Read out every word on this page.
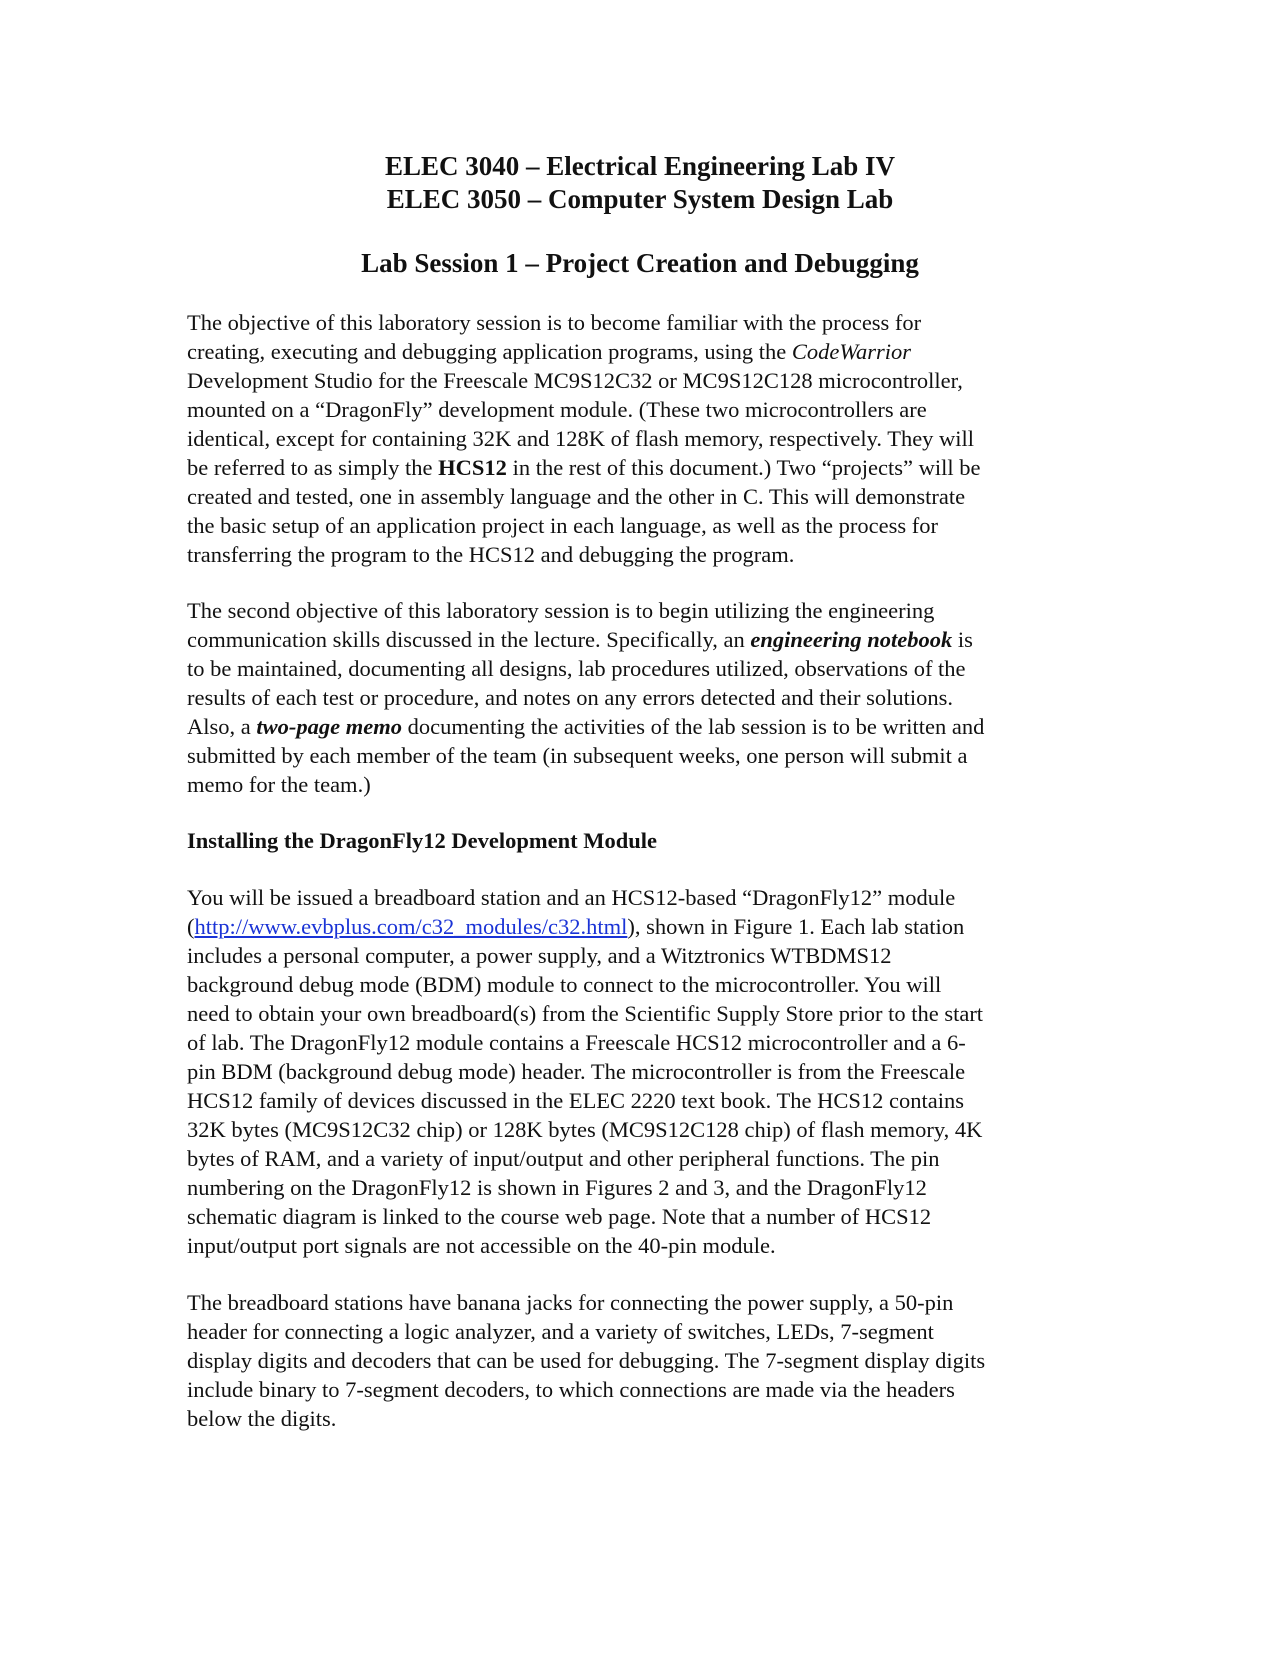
ELEC 3040 – Electrical Engineering Lab IV
ELEC 3050 – Computer System Design Lab
Lab Session 1 – Project Creation and Debugging
The objective of this laboratory session is to become familiar with the process for
creating, executing and debugging application programs, using the CodeWarrior
Development Studio for the Freescale MC9S12C32 or MC9S12C128 microcontroller,
mounted on a “DragonFly” development module. (These two microcontrollers are
identical, except for containing 32K and 128K of flash memory, respectively. They will
be referred to as simply the HCS12 in the rest of this document.) Two “projects” will be
created and tested, one in assembly language and the other in C. This will demonstrate
the basic setup of an application project in each language, as well as the process for
transferring the program to the HCS12 and debugging the program.
The second objective of this laboratory session is to begin utilizing the engineering
communication skills discussed in the lecture. Specifically, an engineering notebook is
to be maintained, documenting all designs, lab procedures utilized, observations of the
results of each test or procedure, and notes on any errors detected and their solutions.
Also, a two-page memo documenting the activities of the lab session is to be written and
submitted by each member of the team (in subsequent weeks, one person will submit a
memo for the team.)
Installing the DragonFly12 Development Module
You will be issued a breadboard station and an HCS12-based “DragonFly12” module
(http://www.evbplus.com/c32_modules/c32.html), shown in Figure 1. Each lab station
includes a personal computer, a power supply, and a Witztronics WTBDMS12
background debug mode (BDM) module to connect to the microcontroller. You will
need to obtain your own breadboard(s) from the Scientific Supply Store prior to the start
of lab. The DragonFly12 module contains a Freescale HCS12 microcontroller and a 6-
pin BDM (background debug mode) header. The microcontroller is from the Freescale
HCS12 family of devices discussed in the ELEC 2220 text book. The HCS12 contains
32K bytes (MC9S12C32 chip) or 128K bytes (MC9S12C128 chip) of flash memory, 4K
bytes of RAM, and a variety of input/output and other peripheral functions. The pin
numbering on the DragonFly12 is shown in Figures 2 and 3, and the DragonFly12
schematic diagram is linked to the course web page. Note that a number of HCS12
input/output port signals are not accessible on the 40-pin module.
The breadboard stations have banana jacks for connecting the power supply, a 50-pin
header for connecting a logic analyzer, and a variety of switches, LEDs, 7-segment
display digits and decoders that can be used for debugging. The 7-segment display digits
include binary to 7-segment decoders, to which connections are made via the headers
below the digits.
